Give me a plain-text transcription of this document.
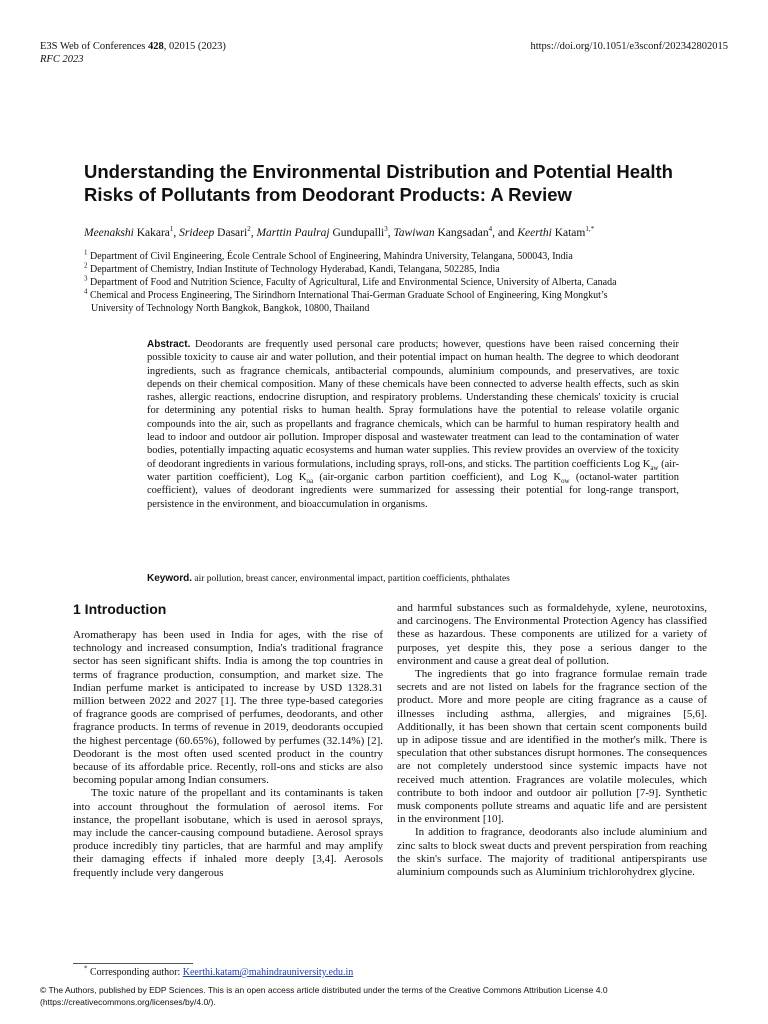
E3S Web of Conferences 428, 02015 (2023)
RFC 2023
https://doi.org/10.1051/e3sconf/202342802015
Understanding the Environmental Distribution and Potential Health Risks of Pollutants from Deodorant Products: A Review
Meenakshi Kakara$^1$, Srideep Dasari$^2$, Marttin Paulraj Gundupalli$^3$, Tawiwan Kangsadan$^4$, and Keerthi Katam$^{1,*}$
$^1$ Department of Civil Engineering, École Centrale School of Engineering, Mahindra University, Telangana, 500043, India
$^2$ Department of Chemistry, Indian Institute of Technology Hyderabad, Kandi, Telangana, 502285, India
$^3$ Department of Food and Nutrition Science, Faculty of Agricultural, Life and Environmental Science, University of Alberta, Canada
$^4$ Chemical and Process Engineering, The Sirindhorn International Thai-German Graduate School of Engineering, King Mongkut’s
University of Technology North Bangkok, Bangkok, 10800, Thailand
Abstract. Deodorants are frequently used personal care products; however, questions have been raised concerning their possible toxicity to cause air and water pollution, and their potential impact on human health. The degree to which deodorant ingredients, such as fragrance chemicals, antibacterial compounds, aluminium compounds, and preservatives, are toxic depends on their chemical composition. Many of these chemicals have been connected to adverse health effects, such as skin rashes, allergic reactions, endocrine disruption, and respiratory problems. Understanding these chemicals' toxicity is crucial for determining any potential risks to human health. Spray formulations have the potential to release volatile organic compounds into the air, such as propellants and fragrance chemicals, which can be harmful to human respiratory health and lead to indoor and outdoor air pollution. Improper disposal and wastewater treatment can lead to the contamination of water bodies, potentially impacting aquatic ecosystems and human water supplies. This review provides an overview of the toxicity of deodorant ingredients in various formulations, including sprays, roll-ons, and sticks. The partition coefficients Log $K_{aw}$ (air-water partition coefficient), Log $K_{oa}$ (air-organic carbon partition coefficient), and Log $K_{ow}$ (octanol-water partition coefficient), values of deodorant ingredients were summarized for assessing their potential for long-range transport, persistence in the environment, and bioaccumulation in organisms.
Keyword. air pollution, breast cancer, environmental impact, partition coefficients, phthalates
1 Introduction

Aromatherapy has been used in India for ages, with the rise of technology and increased consumption, India's traditional fragrance sector has seen significant shifts. India is among the top countries in terms of fragrance production, consumption, and market size. The Indian perfume market is anticipated to increase by USD 1328.31 million between 2022 and 2027 [1]. The three type-based categories of fragrance goods are comprised of perfumes, deodorants, and other fragrance products. In terms of revenue in 2019, deodorants occupied the highest percentage (60.65%), followed by perfumes (32.14%) [2]. Deodorant is the most often used scented product in the country because of its affordable price. Recently, roll-ons and sticks are also becoming popular among Indian consumers.

The toxic nature of the propellant and its contaminants is taken into account throughout the formulation of aerosol items. For instance, the propellant isobutane, which is used in aerosol sprays, may include the cancer-causing compound butadiene. Aerosol sprays produce incredibly tiny particles, that are harmful and may amplify their damaging effects if inhaled more deeply [3,4]. Aerosols frequently include very dangerous

and harmful substances such as formaldehyde, xylene, neurotoxins, and carcinogens. The Environmental Protection Agency has classified these as hazardous. These components are utilized for a variety of purposes, yet despite this, they pose a serious danger to the environment and cause a great deal of pollution.

The ingredients that go into fragrance formulae remain trade secrets and are not listed on labels for the fragrance section of the product. More and more people are citing fragrance as a cause of illnesses including asthma, allergies, and migraines [5,6]. Additionally, it has been shown that certain scent components build up in adipose tissue and are identified in the mother's milk. There is speculation that other substances disrupt hormones. The consequences are not completely understood since systemic impacts have not received much attention. Fragrances are volatile molecules, which contribute to both indoor and outdoor air pollution [7-9]. Synthetic musk components pollute streams and aquatic life and are persistent in the environment [10].

In addition to fragrance, deodorants also include aluminium and zinc salts to block sweat ducts and prevent perspiration from reaching the skin's surface. The majority of traditional antiperspirants use aluminium compounds such as Aluminium trichlorohydrex glycine.

* Corresponding author: Keerthi.katam@mahindrauniversity.edu.in
© The Authors, published by EDP Sciences. This is an open access article distributed under the terms of the Creative Commons Attribution License 4.0
(https://creativecommons.org/licenses/by/4.0/).
